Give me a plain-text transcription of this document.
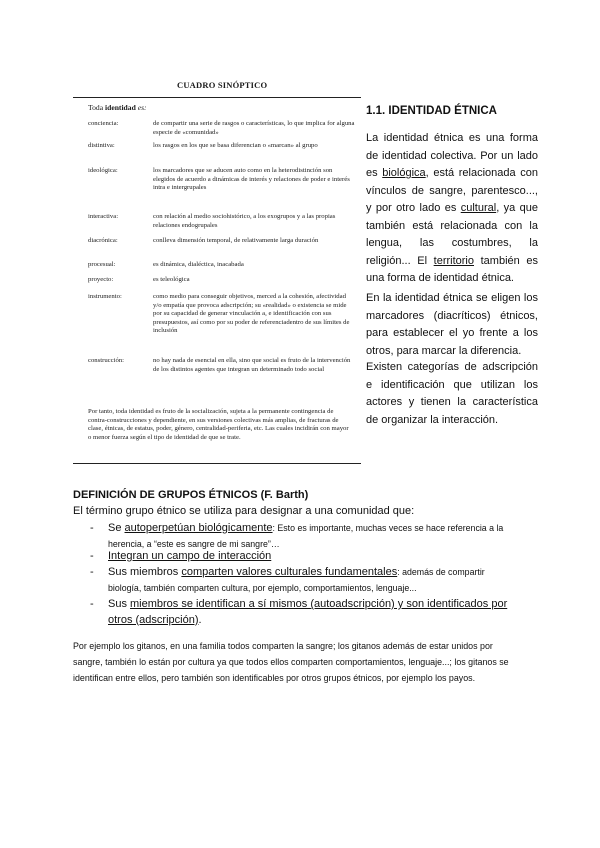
CUADRO SINÓPTICO
Toda identidad es:
conciencia:	de compartir una serie de rasgos o características, lo que implica for alguna especie de «comunidad»
distintiva:	los rasgos en los que se basa diferencian o «marcan» al grupo
ideológica:	los marcadores que se aducen auto como en la heterodistinción son elegidos de acuerdo a dinámicas de interés y relaciones de poder e interés intra e intergrupales
interactiva:	con relación al medio sociohistórico, a los exogrupos y a las propias relaciones endogrupales
diacrónica:	conlleva dimensión temporal, de relativamente larga duración
procesual:	es dinámica, dialéctica, inacabada
proyecto:	es teleológica
instrumento:	como medio para conseguir objetivos, merced a la cohesión, afectividad y/o empatía que provoca adscripción; su «realidad» o existencia se mide por su capacidad de generar vinculación a, e identificación con sus presupuestos, así como por su poder de referenciadentro de sus límites de inclusión
construcción:	no hay nada de esencial en ella, sino que social es fruto de la intervención de los distintos agentes que integran un determinado todo social
Por tanto, toda identidad es fruto de la socialización, sujeta a la permanente contingencia de contra-construcciones y dependiente, en sus versiones colectivas más amplias, de fracturas de clase, étnicas, de estatus, poder, género, centralidad-periferia, etc. Las cuales incidirán con mayor o menor fuerza según el tipo de identidad de que se trate.
1.1. IDENTIDAD ÉTNICA
La identidad étnica es una forma de identidad colectiva. Por un lado es biológica, está relacionada con vínculos de sangre, parentesco..., y por otro lado es cultural, ya que también está relacionada con la lengua, las costumbres, la religión... El territorio también es una forma de identidad étnica.
En la identidad étnica se eligen los marcadores (diacríticos) étnicos, para establecer el yo frente a los otros, para marcar la diferencia.
Existen categorías de adscripción e identificación que utilizan los actores y tienen la característica de organizar la interacción.
DEFINICIÓN DE GRUPOS ÉTNICOS (F. Barth)
El término grupo étnico se utiliza para designar a una comunidad que:
- Se autoperpetúan biológicamente: Esto es importante, muchas veces se hace referencia a la herencia, a “este es sangre de mi sangre”…
- Integran un campo de interacción
- Sus miembros comparten valores culturales fundamentales: además de compartir biología, también comparten cultura, por ejemplo, comportamientos, lenguaje...
- Sus miembros se identifican a sí mismos (autoadscripción) y son identificados por otros (adscripción).
Por ejemplo los gitanos, en una familia todos comparten la sangre; los gitanos además de estar unidos por sangre, también lo están por cultura ya que todos ellos comparten comportamientos, lenguaje...; los gitanos se identifican entre ellos, pero también son identificables por otros grupos étnicos, por ejemplo los payos.
